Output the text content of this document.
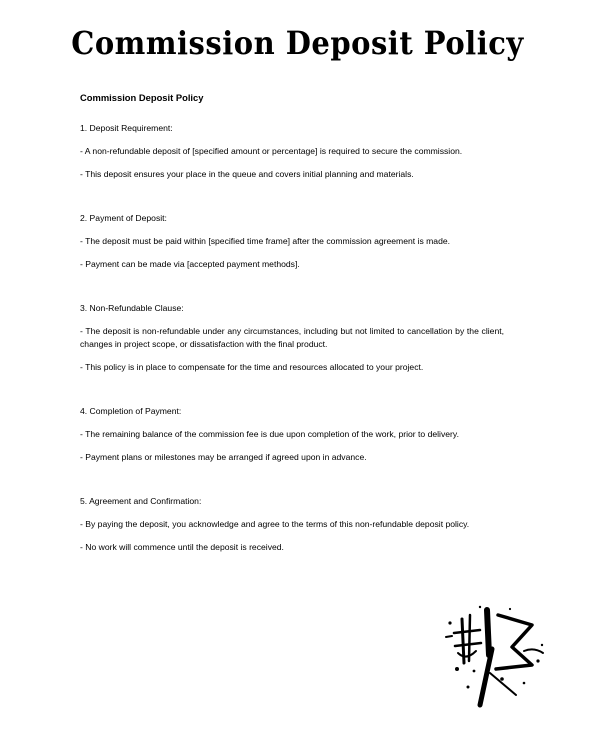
Commission Deposit Policy
Commission Deposit Policy
1. Deposit Requirement:
- A non-refundable deposit of [specified amount or percentage] is required to secure the commission.
- This deposit ensures your place in the queue and covers initial planning and materials.
2. Payment of Deposit:
- The deposit must be paid within [specified time frame] after the commission agreement is made.
- Payment can be made via [accepted payment methods].
3. Non-Refundable Clause:
- The deposit is non-refundable under any circumstances, including but not limited to cancellation by the client, changes in project scope, or dissatisfaction with the final product.
- This policy is in place to compensate for the time and resources allocated to your project.
4. Completion of Payment:
- The remaining balance of the commission fee is due upon completion of the work, prior to delivery.
- Payment plans or milestones may be arranged if agreed upon in advance.
5. Agreement and Confirmation:
- By paying the deposit, you acknowledge and agree to the terms of this non-refundable deposit policy.
- No work will commence until the deposit is received.
